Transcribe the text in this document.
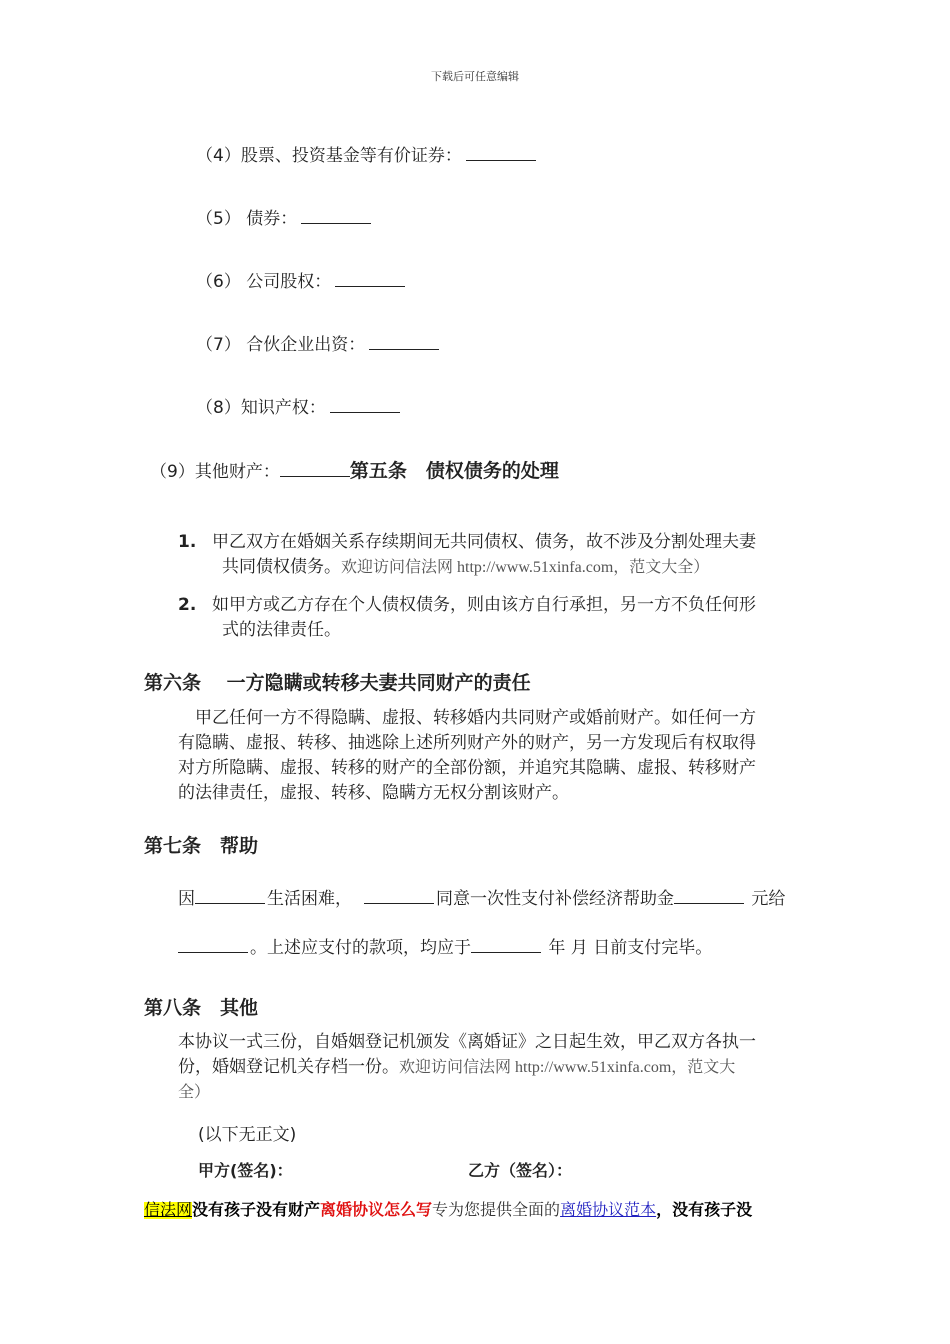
下载后可任意编辑
（4）股票、投资基金等有价证券：
（5） 债券：
（6） 公司股权：
（7） 合伙企业出资：
（8）知识产权：
（9）其他财产：	第五条　债权债务的处理
1. 甲乙双方在婚姻关系存续期间无共同债权、债务，故不涉及分割处理夫妻
共同债权债务。欢迎访问信法网 http://www.51xinfa.com，范文大全）
2. 如甲方或乙方存在个人债权债务，则由该方自行承担，另一方不负任何形
式的法律责任。
第六条　 一方隐瞒或转移夫妻共同财产的责任
　甲乙任何一方不得隐瞒、虚报、转移婚内共同财产或婚前财产。如任何一方
有隐瞒、虚报、转移、抽逃除上述所列财产外的财产，另一方发现后有权取得
对方所隐瞒、虚报、转移的财产的全部份额，并追究其隐瞒、虚报、转移财产
的法律责任，虚报、转移、隐瞒方无权分割该财产。
第七条　帮助
因	生活困难，	同意一次性支付补偿经济帮助金	元给
。上述应支付的款项，均应于	年 月 日前支付完毕。
第八条　其他
本协议一式三份，自婚姻登记机颁发《离婚证》之日起生效，甲乙双方各执一
份，婚姻登记机关存档一份。欢迎访问信法网 http://www.51xinfa.com，范文大
全）
(以下无正文)
甲方(签名)：	乙方（签名）：
信法网没有孩子没有财产离婚协议怎么写专为您提供全面的离婚协议范本，没有孩子没
